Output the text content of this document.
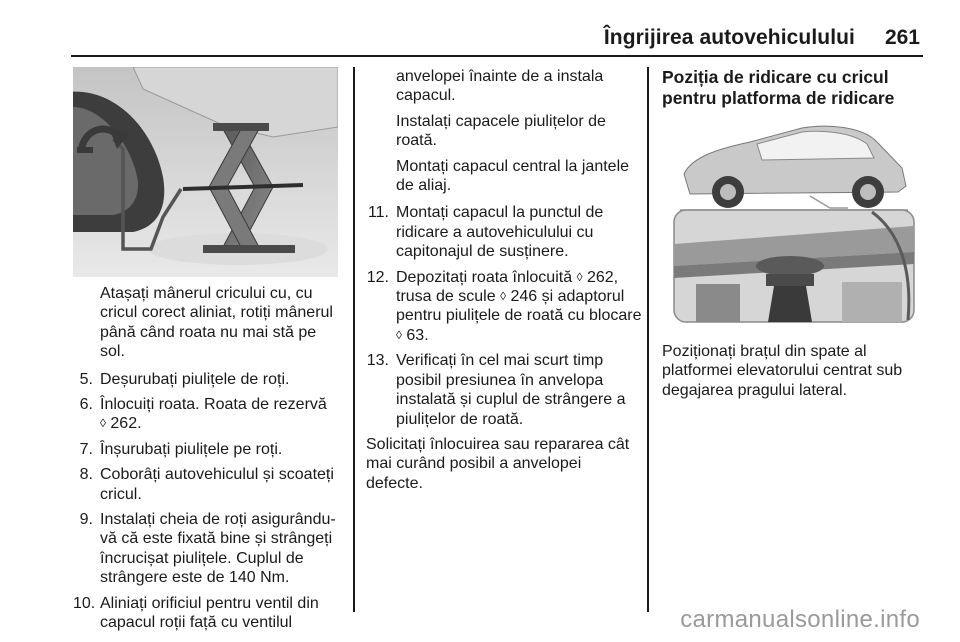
Îngrijirea autovehiculului 261

Atașați mânerul cricului cu, cu cricul corect aliniat, rotiți mânerul până când roata nu mai stă pe sol.

5. Deșurubați piulițele de roți.
6. Înlocuiți roata. Roata de rezervă
◊ 262.
7. Înșurubați piulițele pe roți.
8. Coborâți autovehiculul și scoateți cricul.
9. Instalați cheia de roți asigurându-vă că este fixată bine și strângeți încrucișat piulițele. Cuplul de strângere este de 140 Nm.
10. Aliniați orificiul pentru ventil din capacul roții față cu ventilul

anvelopei înainte de a instala
capacul.

Instalați capacele piulițelor de roată.

Montați capacul central la jantele de aliaj.

11. Montați capacul la punctul de ridicare a autovehiculului cu capitonajul de susținere.
12. Depozitați roata înlocuită ◊ 262, trusa de scule ◊ 246 și adaptorul pentru piulițele de roată cu blocare ◊ 63.
13. Verificați în cel mai scurt timp posibil presiunea în anvelopa instalată și cuplul de strângere a piulițelor de roată.

Solicitați înlocuirea sau repararea cât mai curând posibil a anvelopei defecte.

Poziția de ridicare cu cricul pentru platforma de ridicare

Poziționați brațul din spate al platformei elevatorului centrat sub degajarea pragului lateral.

carmanualsonline.info
